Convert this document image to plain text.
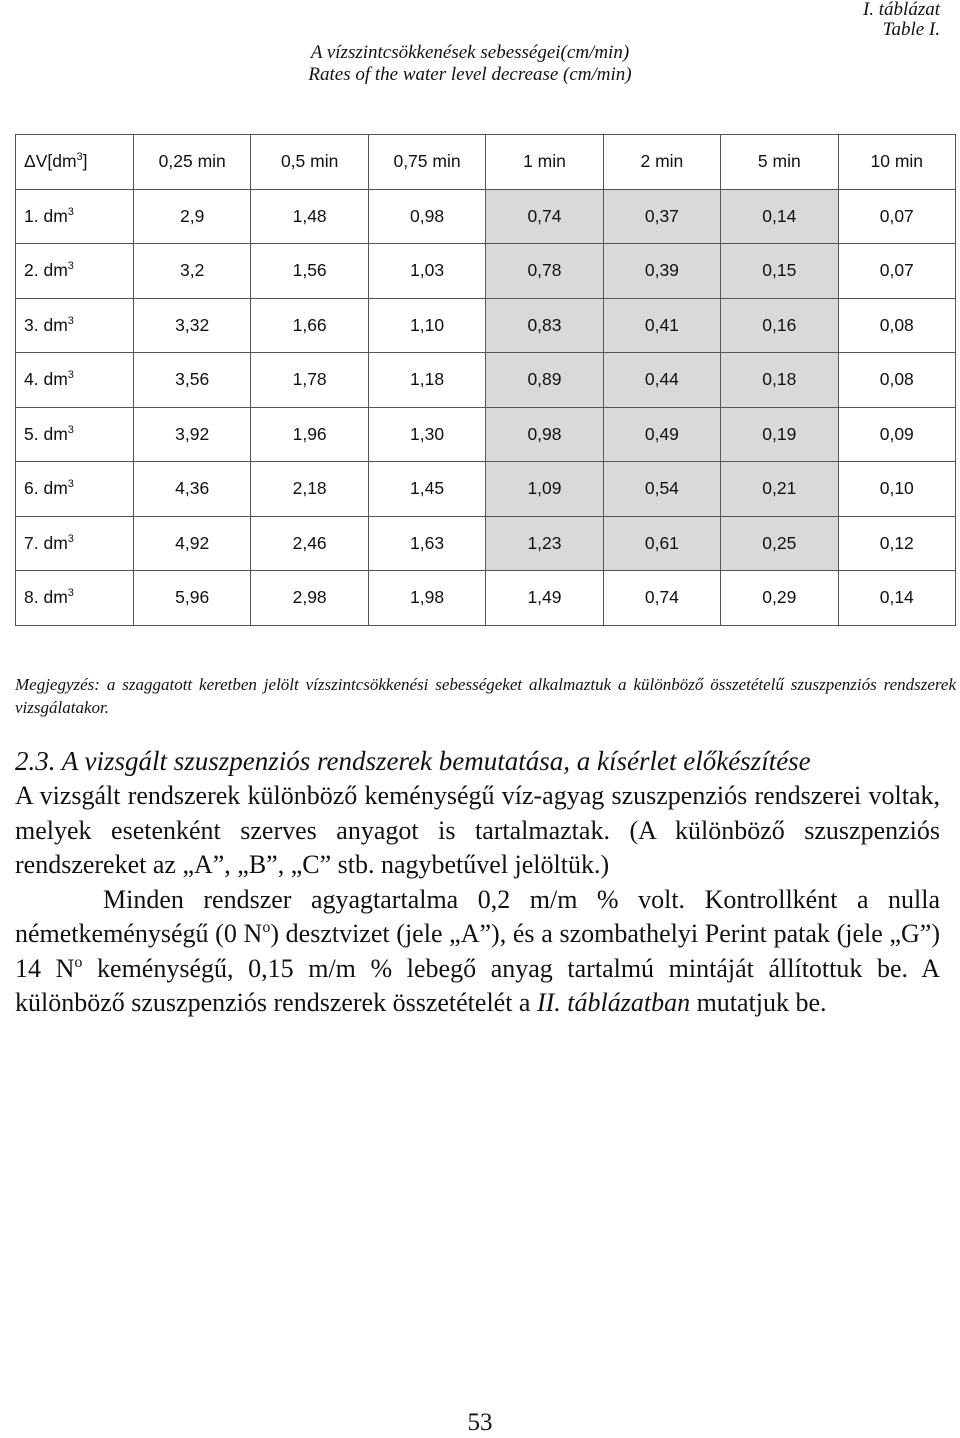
I. táblázat
Table I.
A vízszintcsökkenések sebességei(cm/min)
Rates of the water level decrease (cm/min)
$\Delta V[dm^3]$	0,25 min	0,5 min	0,75 min	1 min	2 min	5 min	10 min
1. $dm^3$	2,9	1,48	0,98	0,74	0,37	0,14	0,07
2. $dm^3$	3,2	1,56	1,03	0,78	0,39	0,15	0,07
3. $dm^3$	3,32	1,66	1,10	0,83	0,41	0,16	0,08
4. $dm^3$	3,56	1,78	1,18	0,89	0,44	0,18	0,08
5. $dm^3$	3,92	1,96	1,30	0,98	0,49	0,19	0,09
6. $dm^3$	4,36	2,18	1,45	1,09	0,54	0,21	0,10
7. $dm^3$	4,92	2,46	1,63	1,23	0,61	0,25	0,12
8. $dm^3$	5,96	2,98	1,98	1,49	0,74	0,29	0,14
Megjegyzés: a szaggatott keretben jelölt vízszintcsökkenési sebességeket alkalmaztuk a különböző összetételű szuszpenziós rendszerek vizsgálatakor.
2.3. A vizsgált szuszpenziós rendszerek bemutatása, a kísérlet előkészítése
A vizsgált rendszerek különböző keménységű víz-agyag szuszpenziós rendszerei voltak, melyek esetenként szerves anyagot is tartalmaztak. (A különböző szuszpenziós rendszereket az „A”, „B”, „C” stb. nagybetűvel jelöltük.)
Minden rendszer agyagtartalma 0,2 m/m % volt. Kontrollként a nulla németkeménységű (0 $N^o$) desztvizet (jele „A”), és a szombathelyi Perint patak (jele „G”) 14 $N^o$ keménységű, 0,15 m/m % lebegő anyag tartalmú mintáját állítottuk be. A különböző szuszpenziós rendszerek összetételét a II. táblázatban mutatjuk be.
53
